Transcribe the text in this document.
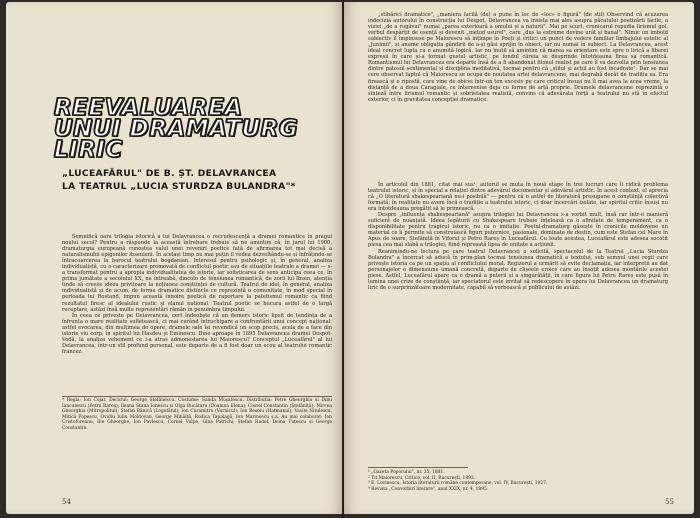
REEVALUAREA
UNUI DRAMATURG
LIRIC
„LUCEAFĂRUL" DE B. ȘT. DELAVRANCEA
LA TEATRUL „LUCIA STURDZA BULANDRA"*

Semnifică oare trilogia istorică a lui Delavrancea o recrudescență a dramei romantice în pragul noului secol? Pentru a răspunde la această întrebare trebuie să ne amintim că, în jurul lui 1900, dramaturgia europeană cunoștea valul unei reveniri poetice față de afirmarea tot mai decisă a naturalismului epigonilor ibsenieni. În același timp nu mai puțin il vedea dezvoltându-se și înfrățindu-se întracoarcerea la barocul teatrului bogdanian. Interesul pentru psihologic și, în general, analiza individualistă, cu o caracterizare promovată de conflictul poetic sau de situațiile teatrale a dramei — s-a transformat pentru a apropia individualitatea de istorie, iar sofisticarea de sens anticipa ceea ce, în prima jumătate a secolului XX, ne întreabă, dincolo de tensiunea romantică, de zorii lui Ibsen, atenția tinde să creeze ideea privitoare la noțiunea conștiinței de cultură. Teatrul de idei, în general, analiza individualistă și de acum, de forme dramatice distincte ce reprezintă o comunitate, în mod special în perioada lui Rostand, impun această înnoire poetică de raportare la patetismul romantic ca fiind rezultatul firesc al idealului rustic și elanul national. Teatrul poetic se bucura astfel de o largă receptare, astăzi însă multe reprezentări rămân în penumbra timpului.

În ceea ce privește pe Delavrancea, cert îndeobște că un demers istoric lipsit de tendința de a înfrunta o mare realitate sufletească, ci mai curând întruchipare a confruntării unui concept național: astfel evocarea, din mulțimea de opere, dramele sale își revendică un scop precis, acela de a face din istorie viu corp, în spiritul lui Hasdeu și Eminescu. Bine aproape în 1895 Delavrancea dramei Despot-Vodă, la analiza vehement ce i-a atras admonestarea lui Maiorescu? Conceptul „Luceafărul" al lui Delavrancea, într-un stil profund personal, este departe de a fi fost doar un ecou al teatrului romantic francez.

* Regia: Ion Cojar. Decorul: George Ștefănescu. Costume: Sanda Mușatescu. Distribuția: Petre Gheorghiu și Dinu Ianculescu (Petru Rareș); Ileana Stana Ionescu și Olga Bucătaru (Doamna Elena); Costel Constantin (Ștefăniță); Mircea Gheorghiu (Mitropolitul); Ștefan Bănică (Logofătul); Ion Caramitru (Vornicul); Ion Besoiu (Hatmanul); Vasile Nițulescu, Mitică Popescu, Ovidiu Iuliu Moldovan, George Mihăiță, Rodica Tapalagă, Ion Marinescu ș.a. Au mai colaborat: Ion Cristoforeanu, Ilie Gheorghe, Ion Pavlescu, Cornel Vulpe, Gina Patrichi, Ștefan Radof, Doina Tuțescu și George Constantin.
54

„stihărici dramatice", „maniera facilă (de) a pune în loc de «loc» o figură" (de stil) Observind că acuzarea indecizia autorului în construcția lui Despot, Delavrancea va insista mai ales asupra păcatului poetizării facile, a viziei „de a rugăvui" numai „parea exterioară a omului și a naturii". Mai pe scurt, cronicarul repudia lirismul gol, verbul despărțit de esență și devenit „metod usurel", care „dus la extreme devine urât și banal". Nimic un imbold subiectiv îl împinsese pe Maiorescu să ințimpe în Poeți și critici un punct de vedere familiar limbajului estetic al „Junimii", și anume obligația gândirii de a-și găsi sprijin în obiect, iar nu numai în subiect. La Delavrancea, acest ideal concret lupta cu o anumită logică. Iar nu inutil să amintim că marea sa orientare este spre o lirică a liberei expresii în care și-a format gustul artistic, pe fondul căreia se desprinde întotdeauna firea sa romantică. Romantismul lui Delavrancea era departe însă de a fi abandonat filonul realist pe care îl va dezvolta prin tensiunea dintre patosul sentimental și disciplina meditativă, tocmai pentru că „stilul și actul au fost încadrate". Dar se mai cere observat faptul că Maiorescu se ocupa de noutatea artei delavrancene, mai degrabă decât de tradiția sa. Era firească și o ripostă, care vine de obicei într-un ton excesiv pe care criticul însuși nu îl mai avea la acea vreme, la distanță de a doua Caragiale, ce intervenise deja cu forme de artă proprie. Dramele delavrancene reprezintă o sinteză între lirismul romantic și sobrietatea realistă, convins că adevărata forță a teatrului nu stă în efectul exterior, ci în gravitatea concepției dramatice.

În articolul din 1881, citat mai sus¹, autorul se muta în nouă etape în trei lucruri care îi ridică problema teatrului istoric, și în special a relației dintre adevărul documentar și adevărul artistic. În acest context, el aprecia că „O literatură shakespeariană nu-i posibilă" — pentru că o astfel de literatură presupune o conștiință colectivă formată; în realitate nu avem încă o tradiție a teatrului istoric, ci doar încercări izolate, iar spiritul critic însuși nu era întotdeauna pregătit să le primească.

Despre „influența shakespeariană" asupra trilogiei lui Delavrancea s-a vorbit mult, însă rar într-o manieră suficient de nuanțată. Ideea legăturii cu Shakespeare trebuie înțeleasă ca o afinitate de temperament, ca o disponibilitate pentru tragicul istoric, nu ca o imitație. Poetul-dramaturg găsește în cronicile moldovene un material ce îi permite să construiască figuri puternice, pasionale, dominate de destin, cum este Ștefan cel Mare în Apus de soare, Ștefăniță în Viforul și Petru Rareș în Luceafărul. Cu toate acestea, Luceafărul este adesea socotit piesa cea mai slabă a trilogiei, fiind reproșată lipsa de unitate a acțiunii.

Reanimindu-ne lectura pe care teatrul Delavrancei o solicită, spectacolul de la Teatrul „Lucia Sturdza Bulandra" a încercat să aducă în prim-plan tocmai tensiunea dramatică a textului, sub semnul unei regii care privește istoria ca pe un spațiu al conflictului moral. Regizorul a urmărit să evite declamația, iar interpreții au dat personajelor o dimensiune umană concretă, departe de clișeele eroice care au însoțit adesea montările acestei piese. Astfel, Luceafărul apare ca o dramă a puterii și a singurătății, în care figura lui Petru Rareș este pusă în lumina unei crize de conștiință, iar spectatorul este invitat să redescopere în opera lui Delavrancea un dramaturg liric de o surprinzătoare modernitate, capabil să vorbească și publicului de astăzi.

¹ „Gazeta Poporului", nr. 35, 1881.
² Tit Maiorescu, Critice, vol. II, București, 1893.
³ E. Lovinescu, Istoria literaturii române contemporane, vol. IV, București, 1927.
⁴ Revista „Convorbiri literare", anul XXIX, nr. 4, 1895.
55
